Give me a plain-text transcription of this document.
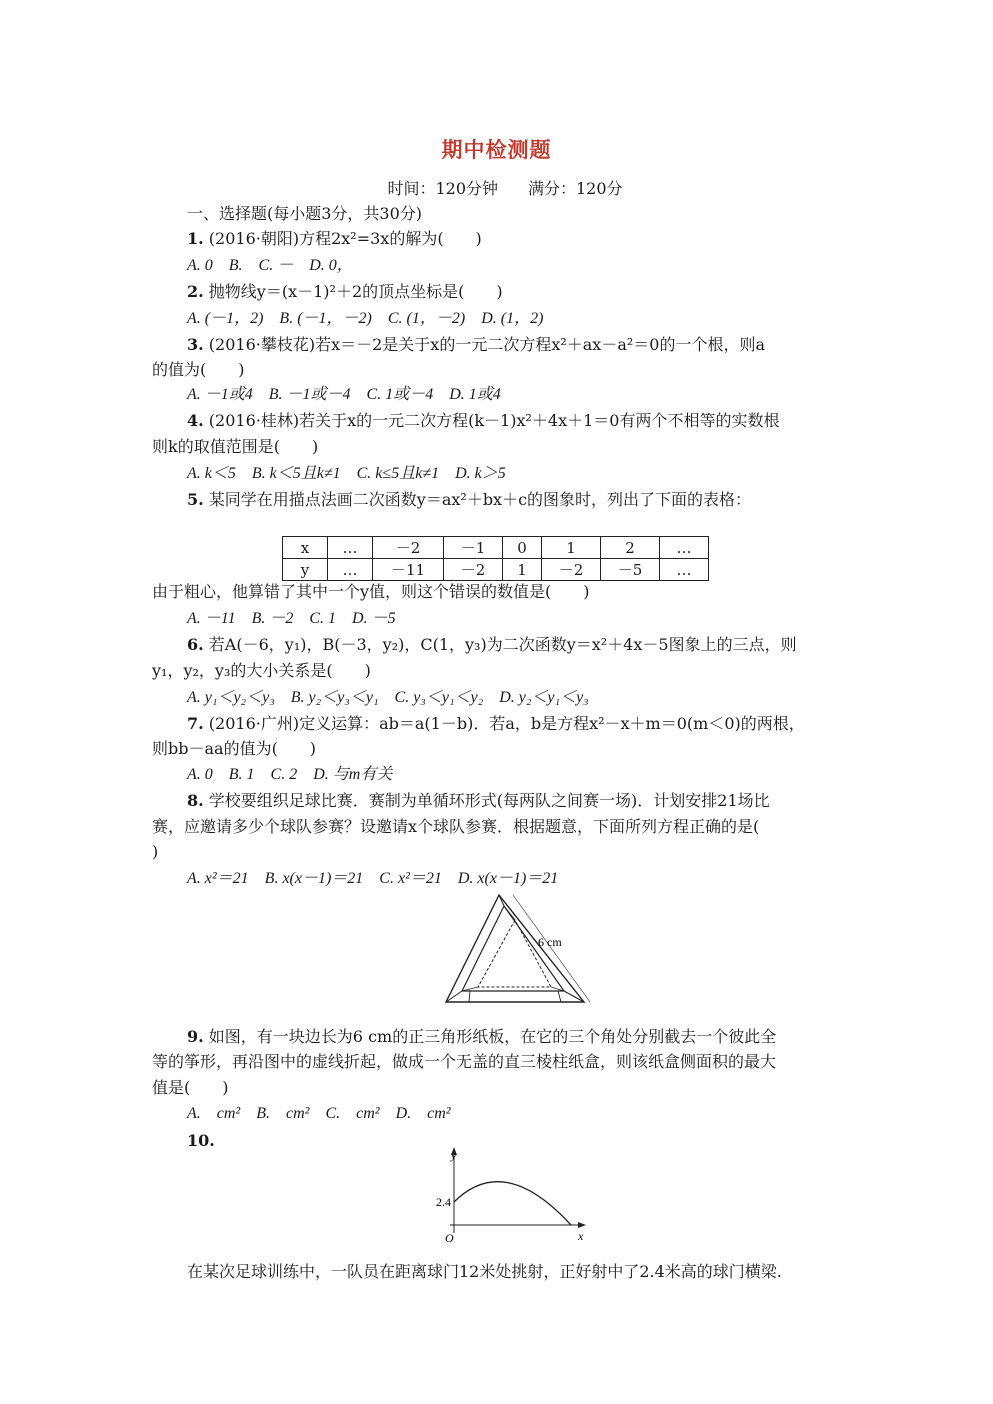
期中检测题
时间：120分钟 满分：120分
一、选择题(每小题3分，共30分)
1. (2016·朝阳)方程2x²=3x的解为(　　)
A. 0　B.　C. －　D. 0，
2. 抛物线y＝(x－1)²＋2的顶点坐标是(　　)
A. (－1，2)　B. (－1，－2)　C. (1，－2)　D. (1，2)
3. (2016·攀枝花)若x＝－2是关于x的一元二次方程x²＋ax－a²＝0的一个根，则a
的值为(　　)
A. －1或4　B. －1或－4　C. 1或－4　D. 1或4
4. (2016·桂林)若关于x的一元二次方程(k－1)x²＋4x＋1＝0有两个不相等的实数根
则k的取值范围是(　　)
A. k＜5　B. k＜5且k≠1　C. k≤5且k≠1　D. k＞5
5. 某同学在用描点法画二次函数y＝ax²＋bx＋c的图象时，列出了下面的表格：
x	…	－2	－1	0	1	2	…
y	…	－11	－2	1	－2	－5	…
由于粗心，他算错了其中一个y值，则这个错误的数值是(　　)
A. －11　B. －2　C. 1　D. －5
6. 若A(－6，y₁)，B(－3，y₂)，C(1，y₃)为二次函数y＝x²＋4x－5图象上的三点，则
y₁，y₂，y₃的大小关系是(　　)
A. y₁＜y₂＜y₃　B. y₂＜y₃＜y₁　C. y₃＜y₁＜y₂　D. y₂＜y₁＜y₃
7. (2016·广州)定义运算：ab＝a(1－b)．若a，b是方程x²－x＋m＝0(m＜0)的两根，
则bb－aa的值为(　　)
A. 0　B. 1　C. 2　D. 与m有关
8. 学校要组织足球比赛．赛制为单循环形式(每两队之间赛一场)．计划安排21场比
赛，应邀请多少个球队参赛？设邀请x个球队参赛．根据题意，下面所列方程正确的是(
)
A. x²＝21　B. x(x－1)＝21　C. x²＝21　D. x(x－1)＝21
6 cm
9. 如图，有一块边长为6 cm的正三角形纸板，在它的三个角处分别截去一个彼此全
等的筝形，再沿图中的虚线折起，做成一个无盖的直三棱柱纸盒，则该纸盒侧面积的最大
值是(　　)
A.　cm²　B.　cm²　C.　cm²　D.　cm²
10.
y
x
O
2.4
在某次足球训练中，一队员在距离球门12米处挑射，正好射中了2.4米高的球门横梁.
